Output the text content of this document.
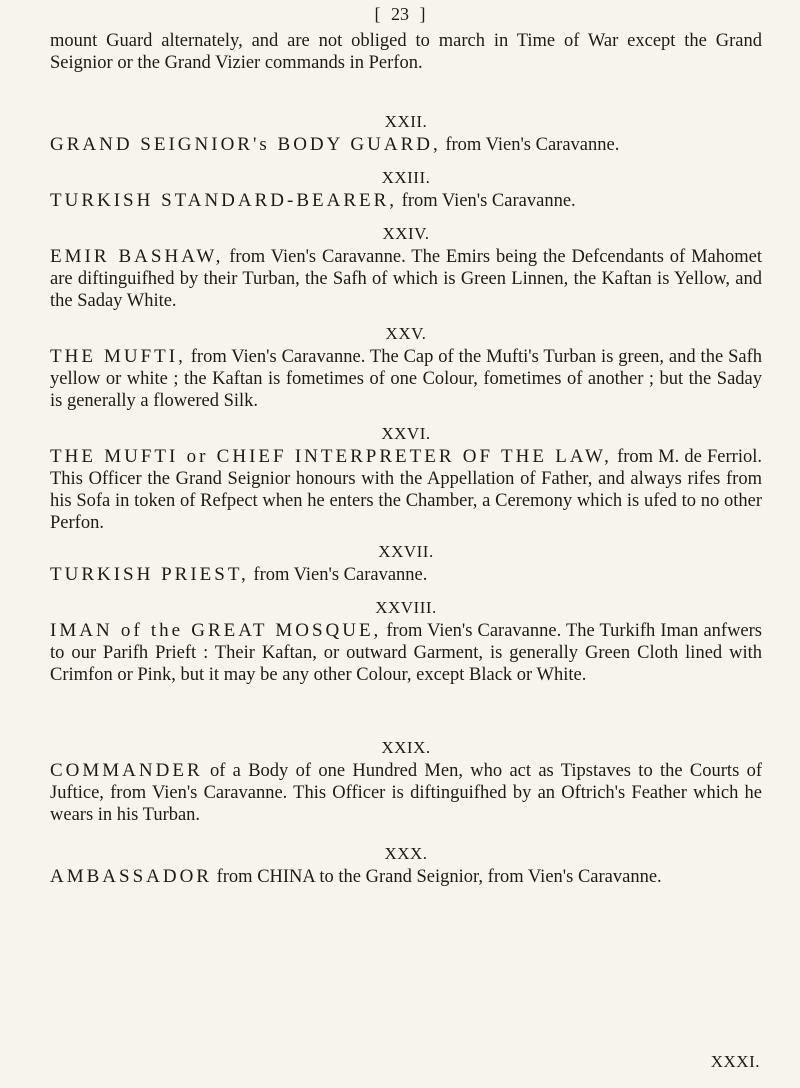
[ 23 ]
mount Guard alternately, and are not obliged to march in Time of War except the Grand Seignior or the Grand Vizier commands in Perfon.
XXII.
GRAND SEIGNIOR's BODY GUARD, from Vien's Caravanne.
XXIII.
TURKISH STANDARD-BEARER, from Vien's Caravanne.
XXIV.
EMIR BASHAW, from Vien's Caravanne. The Emirs being the Defcendants of Mahomet are diftinguifhed by their Turban, the Safh of which is Green Linnen, the Kaftan is Yellow, and the Saday White.
XXV.
THE MUFTI, from Vien's Caravanne. The Cap of the Mufti's Turban is green, and the Safh yellow or white ; the Kaftan is fometimes of one Colour, fometimes of another ; but the Saday is generally a flowered Silk.
XXVI.
THE MUFTI or CHIEF INTERPRETER OF THE LAW, from M. de Ferriol. This Officer the Grand Seignior honours with the Appellation of Father, and always rifes from his Sofa in token of Refpect when he enters the Chamber, a Ceremony which is ufed to no other Perfon.
XXVII.
TURKISH PRIEST, from Vien's Caravanne.
XXVIII.
IMAN of the GREAT MOSQUE, from Vien's Caravanne. The Turkifh Iman anfwers to our Parifh Prieft : Their Kaftan, or outward Garment, is generally Green Cloth lined with Crimfon or Pink, but it may be any other Colour, except Black or White.
XXIX.
COMMANDER of a Body of one Hundred Men, who act as Tipstaves to the Courts of Juftice, from Vien's Caravanne. This Officer is diftinguifhed by an Oftrich's Feather which he wears in his Turban.
XXX.
AMBASSADOR from CHINA to the Grand Seignior, from Vien's Caravanne.
XXXI.
